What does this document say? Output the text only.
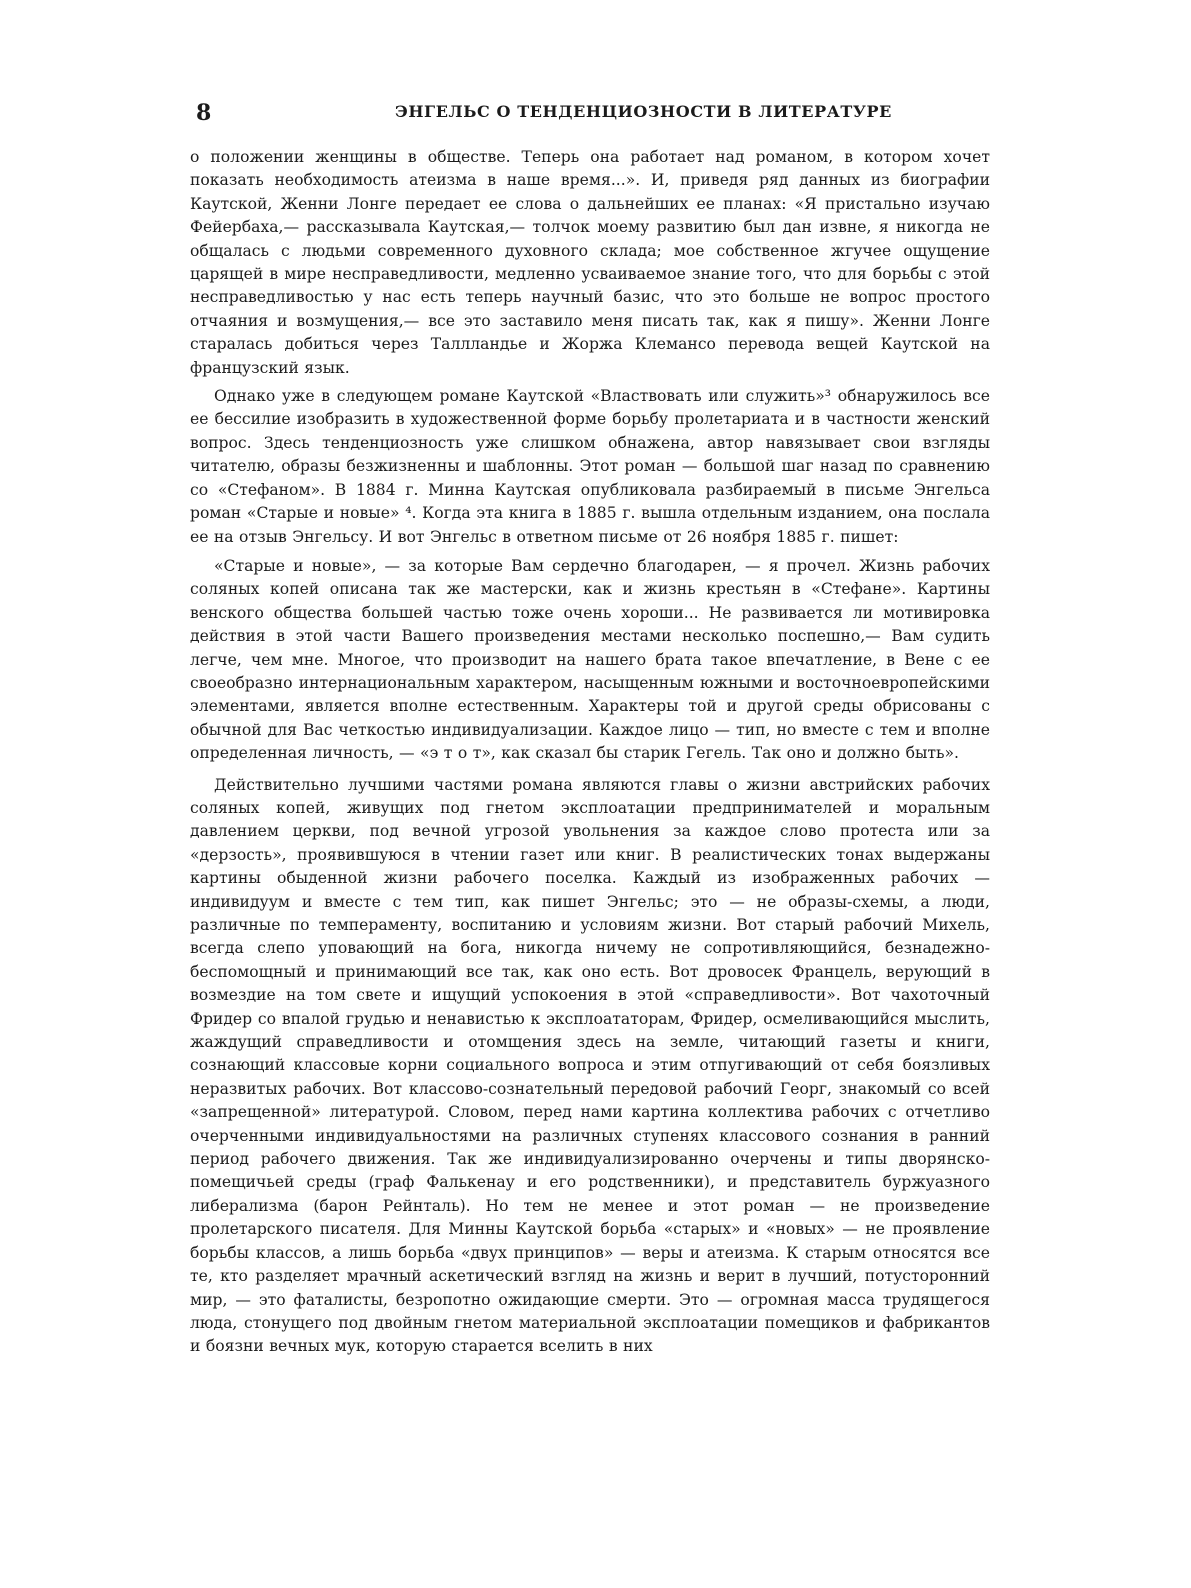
8	ЭНГЕЛЬС О ТЕНДЕНЦИОЗНОСТИ В ЛИТЕРАТУРЕ

о положении женщины в обществе. Теперь она работает над романом, в котором хочет показать необходимость атеизма в наше время...». И, приведя ряд данных из биографии Каутской, Женни Лонге передает ее слова о дальнейших ее планах: «Я пристально изучаю Фейербаха,— рассказывала Каутская,— толчок моему развитию был дан извне, я никогда не общалась с людьми современного духовного склада; мое собственное жгучее ощущение царящей в мире несправедливости, медленно усваиваемое знание того, что для борьбы с этой несправедливостью у нас есть теперь научный базис, что это больше не вопрос простого отчаяния и возмущения,— все это заставило меня писать так, как я пишу». Женни Лонге старалась добиться через Таллландье и Жоржа Клемансо перевода вещей Каутской на французский язык.

Однако уже в следующем романе Каутской «Властвовать или служить»³ обнаружилось все ее бессилие изобразить в художественной форме борьбу пролетариата и в частности женский вопрос. Здесь тенденциозность уже слишком обнажена, автор навязывает свои взгляды читателю, образы безжизненны и шаблонны. Этот роман — большой шаг назад по сравнению со «Стефаном». В 1884 г. Минна Каутская опубликовала разбираемый в письме Энгельса роман «Старые и новые» ⁴. Когда эта книга в 1885 г. вышла отдельным изданием, она послала ее на отзыв Энгельсу. И вот Энгельс в ответном письме от 26 ноября 1885 г. пишет:

«Старые и новые», — за которые Вам сердечно благодарен, — я прочел. Жизнь рабочих соляных копей описана так же мастерски, как и жизнь крестьян в «Стефане». Картины венского общества большей частью тоже очень хороши... Не развивается ли мотивировка действия в этой части Вашего произведения местами несколько поспешно,— Вам судить легче, чем мне. Многое, что производит на нашего брата такое впечатление, в Вене с ее своеобразно интернациональным характером, насыщенным южными и восточноевропейскими элементами, является вполне естественным. Характеры той и другой среды обрисованы с обычной для Вас четкостью индивидуализации. Каждое лицо — тип, но вместе с тем и вполне определенная личность, — «э т о т», как сказал бы старик Гегель. Так оно и должно быть».

Действительно лучшими частями романа являются главы о жизни австрийских рабочих соляных копей, живущих под гнетом эксплоатации предпринимателей и моральным давлением церкви, под вечной угрозой увольнения за каждое слово протеста или за «дерзость», проявившуюся в чтении газет или книг. В реалистических тонах выдержаны картины обыденной жизни рабочего поселка. Каждый из изображенных рабочих — индивидуум и вместе с тем тип, как пишет Энгельс; это — не образы-схемы, а люди, различные по темпераменту, воспитанию и условиям жизни. Вот старый рабочий Михель, всегда слепо уповающий на бога, никогда ничему не сопротивляющийся, безнадежно-беспомощный и принимающий все так, как оно есть. Вот дровосек Францель, верующий в возмездие на том свете и ищущий успокоения в этой «справедливости». Вот чахоточный Фридер со впалой грудью и ненавистью к эксплоататорам, Фридер, осмеливающийся мыслить, жаждущий справедливости и отомщения здесь на земле, читающий газеты и книги, сознающий классовые корни социального вопроса и этим отпугивающий от себя боязливых неразвитых рабочих. Вот классово-сознательный передовой рабочий Георг, знакомый со всей «запрещенной» литературой. Словом, перед нами картина коллектива рабочих с отчетливо очерченными индивидуальностями на различных ступенях классового сознания в ранний период рабочего движения. Так же индивидуализированно очерчены и типы дворянско-помещичьей среды (граф Фалькенау и его родственники), и представитель буржуазного либерализма (барон Рейнталь). Но тем не менее и этот роман — не произведение пролетарского писателя. Для Минны Каутской борьба «старых» и «новых» — не проявление борьбы классов, а лишь борьба «двух принципов» — веры и атеизма. К старым относятся все те, кто разделяет мрачный аскетический взгляд на жизнь и верит в лучший, потусторонний мир, — это фаталисты, безропотно ожидающие смерти. Это — огромная масса трудящегося люда, стонущего под двойным гнетом материальной эксплоатации помещиков и фабрикантов и боязни вечных мук, которую старается вселить в них
